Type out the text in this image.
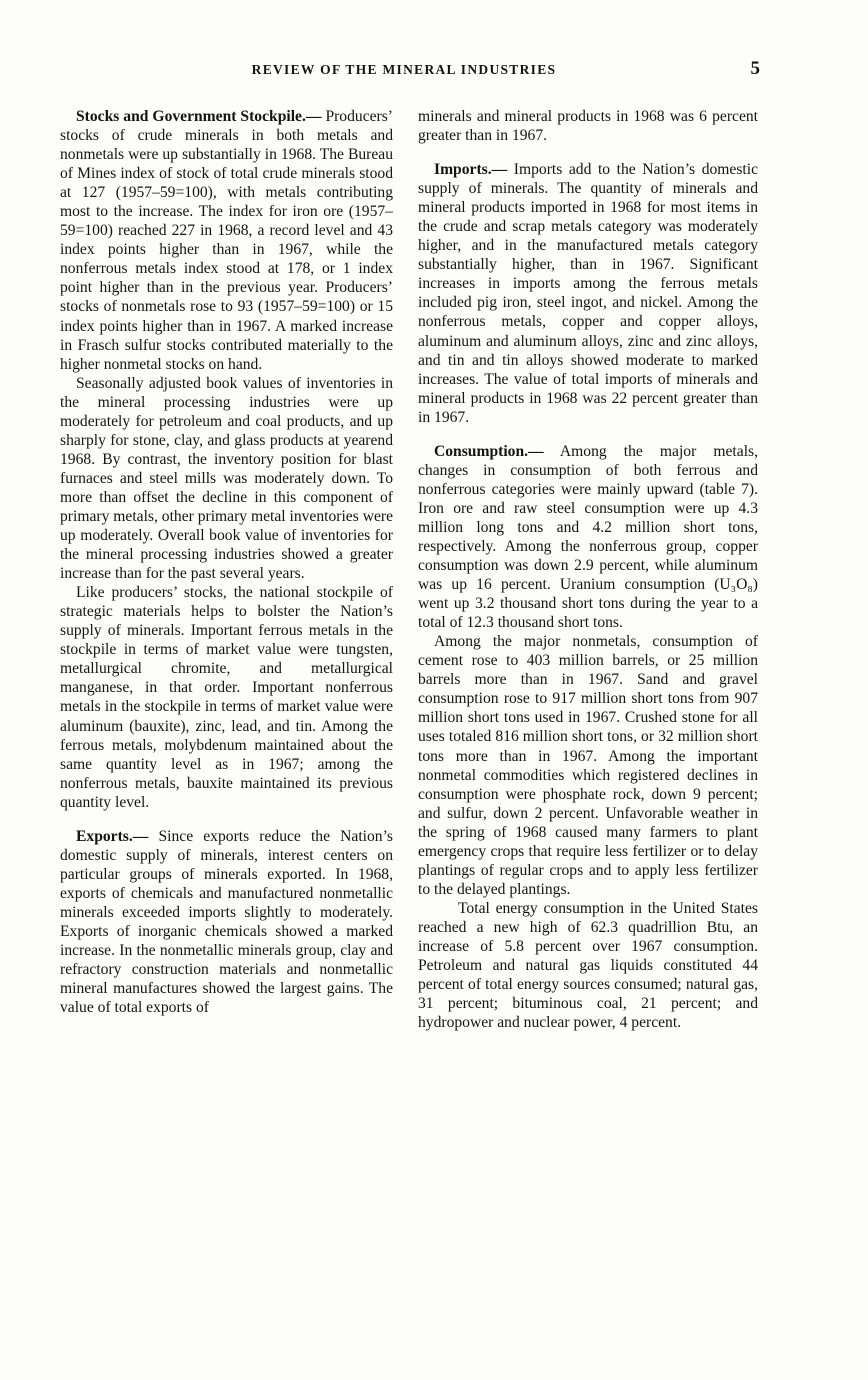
REVIEW OF THE MINERAL INDUSTRIES	5

Stocks and Government Stockpile.— Producers’ stocks of crude minerals in both metals and nonmetals were up substantially in 1968. The Bureau of Mines index of stock of total crude minerals stood at 127 (1957–59=100), with metals contributing most to the increase. The index for iron ore (1957–59=100) reached 227 in 1968, a record level and 43 index points higher than in 1967, while the nonferrous metals index stood at 178, or 1 index point higher than in the previous year. Producers’ stocks of nonmetals rose to 93 (1957–59=100) or 15 index points higher than in 1967. A marked increase in Frasch sulfur stocks contributed materially to the higher nonmetal stocks on hand.

Seasonally adjusted book values of inventories in the mineral processing industries were up moderately for petroleum and coal products, and up sharply for stone, clay, and glass products at yearend 1968. By contrast, the inventory position for blast furnaces and steel mills was moderately down. To more than offset the decline in this component of primary metals, other primary metal inventories were up moderately. Overall book value of inventories for the mineral processing industries showed a greater increase than for the past several years.

Like producers’ stocks, the national stockpile of strategic materials helps to bolster the Nation’s supply of minerals. Important ferrous metals in the stockpile in terms of market value were tungsten, metallurgical chromite, and metallurgical manganese, in that order. Important nonferrous metals in the stockpile in terms of market value were aluminum (bauxite), zinc, lead, and tin. Among the ferrous metals, molybdenum maintained about the same quantity level as in 1967; among the nonferrous metals, bauxite maintained its previous quantity level.

Exports.— Since exports reduce the Nation’s domestic supply of minerals, interest centers on particular groups of minerals exported. In 1968, exports of chemicals and manufactured nonmetallic minerals exceeded imports slightly to moderately. Exports of inorganic chemicals showed a marked increase. In the nonmetallic minerals group, clay and refractory construction materials and nonmetallic mineral manufactures showed the largest gains. The value of total exports of

minerals and mineral products in 1968 was 6 percent greater than in 1967.

Imports.— Imports add to the Nation’s domestic supply of minerals. The quantity of minerals and mineral products imported in 1968 for most items in the crude and scrap metals category was moderately higher, and in the manufactured metals category substantially higher, than in 1967. Significant increases in imports among the ferrous metals included pig iron, steel ingot, and nickel. Among the nonferrous metals, copper and copper alloys, aluminum and aluminum alloys, zinc and zinc alloys, and tin and tin alloys showed moderate to marked increases. The value of total imports of minerals and mineral products in 1968 was 22 percent greater than in 1967.

Consumption.— Among the major metals, changes in consumption of both ferrous and nonferrous categories were mainly upward (table 7). Iron ore and raw steel consumption were up 4.3 million long tons and 4.2 million short tons, respectively. Among the nonferrous group, copper consumption was down 2.9 percent, while aluminum was up 16 percent. Uranium consumption (U₃O₈) went up 3.2 thousand short tons during the year to a total of 12.3 thousand short tons.

Among the major nonmetals, consumption of cement rose to 403 million barrels, or 25 million barrels more than in 1967. Sand and gravel consumption rose to 917 million short tons from 907 million short tons used in 1967. Crushed stone for all uses totaled 816 million short tons, or 32 million short tons more than in 1967. Among the important nonmetal commodities which registered declines in consumption were phosphate rock, down 9 percent; and sulfur, down 2 percent. Unfavorable weather in the spring of 1968 caused many farmers to plant emergency crops that require less fertilizer or to delay plantings of regular crops and to apply less fertilizer to the delayed plantings.

Total energy consumption in the United States reached a new high of 62.3 quadrillion Btu, an increase of 5.8 percent over 1967 consumption. Petroleum and natural gas liquids constituted 44 percent of total energy sources consumed; natural gas, 31 percent; bituminous coal, 21 percent; and hydropower and nuclear power, 4 percent.
